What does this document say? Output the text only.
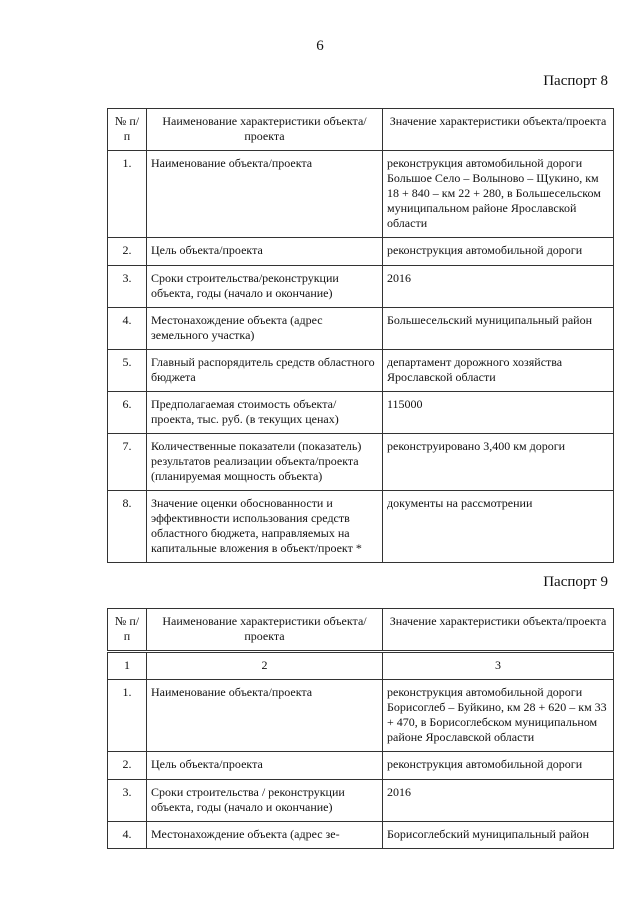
6
Паспорт 8
№ п/п	Наименование характеристики объекта/проекта	Значение характеристики объекта/проекта
1.	Наименование объекта/проекта	реконструкция автомобильной дороги Большое Село – Волыново – Щукино, км 18 + 840 – км 22 + 280, в Большесельском муниципальном районе Ярославской области
2.	Цель объекта/проекта	реконструкция автомобильной дороги
3.	Сроки строительства/реконструкции объекта, годы (начало и окончание)	2016
4.	Местонахождение объекта (адрес земельного участка)	Большесельский муниципальный район
5.	Главный распорядитель средств областного бюджета	департамент дорожного хозяйства Ярославской области
6.	Предполагаемая стоимость объекта/проекта, тыс. руб. (в текущих ценах)	115000
7.	Количественные показатели (показатель) результатов реализации объекта/проекта (планируемая мощность объекта)	реконструировано 3,400 км дороги
8.	Значение оценки обоснованности и эффективности использования средств областного бюджета, направляемых на капитальные вложения в объект/проект *	документы на рассмотрении
Паспорт 9
№ п/п	Наименование характеристики объекта/проекта	Значение характеристики объекта/проекта
1	2	3
1.	Наименование объекта/проекта	реконструкция автомобильной дороги Борисоглеб – Буйкино, км 28 + 620 – км 33 + 470, в Борисоглебском муниципальном районе Ярославской области
2.	Цель объекта/проекта	реконструкция автомобильной дороги
3.	Сроки строительства / реконструкции объекта, годы (начало и окончание)	2016
4.	Местонахождение объекта (адрес зе-	Борисоглебский муниципальный район
